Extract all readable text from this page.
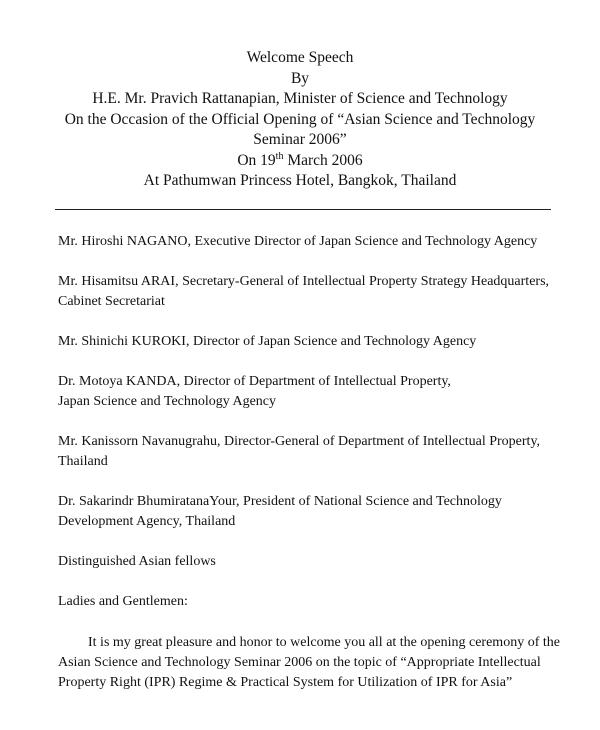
Welcome Speech
By
H.E. Mr. Pravich Rattanapian, Minister of Science and Technology
On the Occasion of the Official Opening of “Asian Science and Technology
Seminar 2006”
On 19th March 2006
At Pathumwan Princess Hotel, Bangkok, Thailand
Mr. Hiroshi NAGANO, Executive Director of Japan Science and Technology Agency
Mr. Hisamitsu ARAI, Secretary-General of Intellectual Property Strategy Headquarters,
Cabinet Secretariat
Mr. Shinichi KUROKI, Director of Japan Science and Technology Agency
Dr. Motoya KANDA, Director of Department of Intellectual Property,
Japan Science and Technology Agency
Mr. Kanissorn Navanugrahu, Director-General of Department of Intellectual Property,
Thailand
Dr. Sakarindr BhumiratanaYour, President of National Science and Technology
Development Agency, Thailand
Distinguished Asian fellows
Ladies and Gentlemen:
It is my great pleasure and honor to welcome you all at the opening ceremony of the
Asian Science and Technology Seminar 2006 on the topic of “Appropriate Intellectual
Property Right (IPR) Regime & Practical System for Utilization of IPR for Asia”
